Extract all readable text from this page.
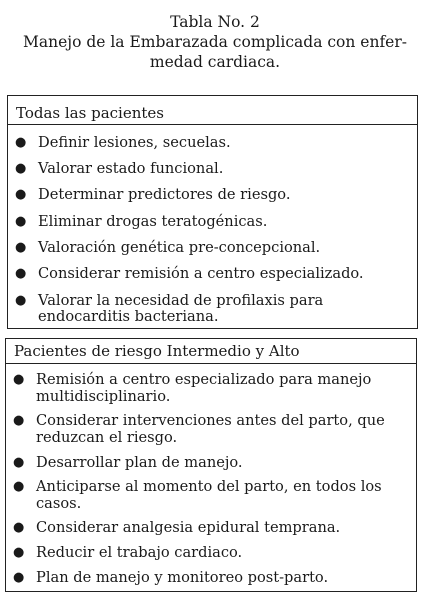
Tabla No. 2
Manejo de la Embarazada complicada con enfer-medad cardiaca.
Todas las pacientes
● Definir lesiones, secuelas.
● Valorar estado funcional.
● Determinar predictores de riesgo.
● Eliminar drogas teratogénicas.
● Valoración genética pre-concepcional.
● Considerar remisión a centro especializado.
● Valorar la necesidad de profilaxis para endocarditis bacteriana.
Pacientes de riesgo Intermedio y Alto
● Remisión a centro especializado para manejo multidisciplinario.
● Considerar intervenciones antes del parto, que reduzcan el riesgo.
● Desarrollar plan de manejo.
● Anticiparse al momento del parto, en todos los casos.
● Considerar analgesia epidural temprana.
● Reducir el trabajo cardiaco.
● Plan de manejo y monitoreo post-parto.
